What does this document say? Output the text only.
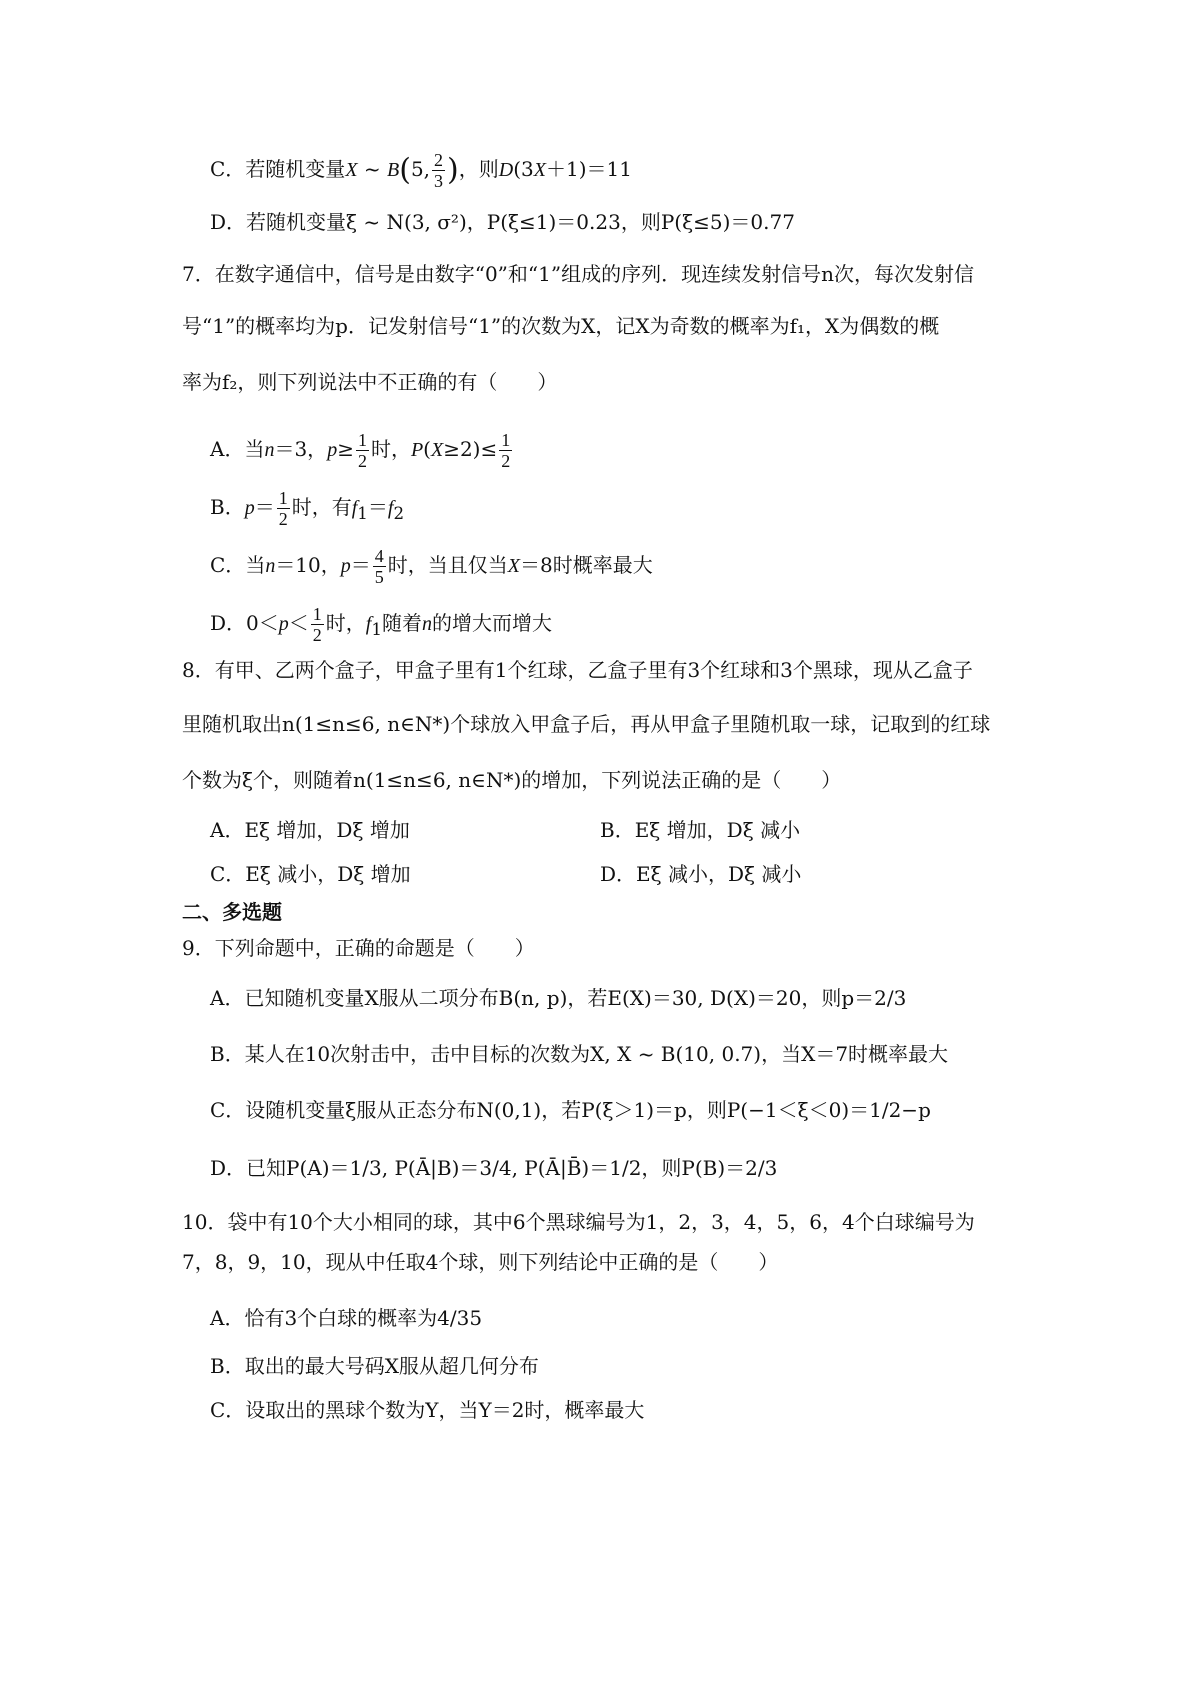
C．若随机变量X ~ B(5, $\frac{2}{3}$ )，则D(3X＋1)＝11
D．若随机变量ξ ~ N(3, σ²)，P(ξ≤1)＝0.23，则P(ξ≤5)＝0.77
7．在数字通信中，信号是由数字“0”和“1”组成的序列．现连续发射信号n次，每次发射信
号“1”的概率均为p．记发射信号“1”的次数为X，记X为奇数的概率为f₁，X为偶数的概
率为f₂，则下列说法中不正确的有（　　）
A．当n＝3，$p\ge \frac{1}{2}$ 时，$P(X\ge 2)\le \frac{1}{2}$
B．$p= \frac{1}{2}$ 时，有$f_1=f_2$
C．当n＝10，$p= \frac{4}{5}$ 时，当且仅当X＝8时概率最大
D．$0<p< \frac{1}{2}$ 时，$f_1$随着n的增大而增大
8．有甲、乙两个盒子，甲盒子里有1个红球，乙盒子里有3个红球和3个黑球，现从乙盒子
里随机取出n(1≤n≤6, n∈N*)个球放入甲盒子后，再从甲盒子里随机取一球，记取到的红球
个数为ξ个，则随着n(1≤n≤6, n∈N*)的增加，下列说法正确的是（　　）
A．Eξ 增加，Dξ 增加	B．Eξ 增加，Dξ 减小
C．Eξ 减小，Dξ 增加	D．Eξ 减小，Dξ 减小
二、多选题
9．下列命题中，正确的命题是（　　）
A．已知随机变量X服从二项分布B(n, p)，若E(X)＝30, D(X)＝20，则p＝2/3
B．某人在10次射击中，击中目标的次数为X, X ~ B(10, 0.7)，当X＝7时概率最大
C．设随机变量ξ服从正态分布N(0,1)，若P(ξ＞1)＝p，则P(−1＜ξ＜0)＝1/2−p
D．已知P(A)＝1/3, P(Ā|B)＝3/4, P(Ā|B̄)＝1/2，则P(B)＝2/3
10．袋中有10个大小相同的球，其中6个黑球编号为1，2，3，4，5，6，4个白球编号为
7，8，9，10，现从中任取4个球，则下列结论中正确的是（　　）
A．恰有3个白球的概率为4/35
B．取出的最大号码X服从超几何分布
C．设取出的黑球个数为Y，当Y＝2时，概率最大
